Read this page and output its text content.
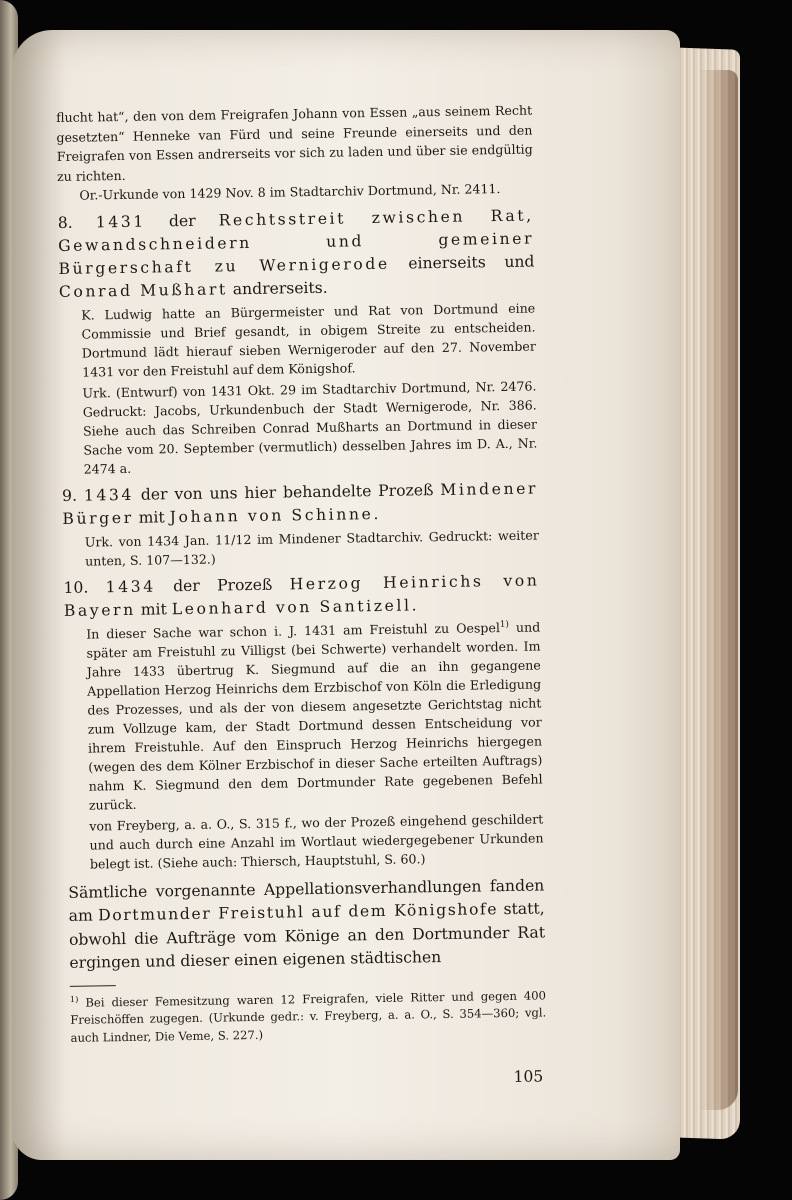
flucht hat“, den von dem Freigrafen Johann von Essen „aus seinem Recht gesetzten“ Henneke van Fürd und seine Freunde einerseits und den Freigrafen von Essen andrerseits vor sich zu laden und über sie endgültig zu richten.

Or.-Urkunde von 1429 Nov. 8 im Stadtarchiv Dortmund, Nr. 2411.

8. 1431 der Rechtsstreit zwischen Rat, Gewandschneidern und gemeiner Bürgerschaft zu Wernigerode einerseits und Conrad Mußhart andrerseits.

K. Ludwig hatte an Bürgermeister und Rat von Dortmund eine Commissie und Brief gesandt, in obigem Streite zu entscheiden. Dortmund lädt hierauf sieben Wernigeroder auf den 27. November 1431 vor den Freistuhl auf dem Königshof.

Urk. (Entwurf) von 1431 Okt. 29 im Stadtarchiv Dortmund, Nr. 2476. Gedruckt: Jacobs, Urkundenbuch der Stadt Wernigerode, Nr. 386. Siehe auch das Schreiben Conrad Mußharts an Dortmund in dieser Sache vom 20. September (vermutlich) desselben Jahres im D. A., Nr. 2474 a.

9. 1434 der von uns hier behandelte Prozeß Mindener Bürger mit Johann von Schinne.

Urk. von 1434 Jan. 11/12 im Mindener Stadtarchiv. Gedruckt: weiter unten, S. 107—132.)

10. 1434 der Prozeß Herzog Heinrichs von Bayern mit Leonhard von Santizell.

In dieser Sache war schon i. J. 1431 am Freistuhl zu Oespel$^{1)}$ und später am Freistuhl zu Villigst (bei Schwerte) verhandelt worden. Im Jahre 1433 übertrug K. Siegmund auf die an ihn gegangene Appellation Herzog Heinrichs dem Erzbischof von Köln die Erledigung des Prozesses, und als der von diesem angesetzte Gerichtstag nicht zum Vollzuge kam, der Stadt Dortmund dessen Entscheidung vor ihrem Freistuhle. Auf den Einspruch Herzog Heinrichs hiergegen (wegen des dem Kölner Erzbischof in dieser Sache erteilten Auftrags) nahm K. Siegmund den dem Dortmunder Rate gegebenen Befehl zurück.

von Freyberg, a. a. O., S. 315 f., wo der Prozeß eingehend geschildert und auch durch eine Anzahl im Wortlaut wiedergegebener Urkunden belegt ist. (Siehe auch: Thiersch, Hauptstuhl, S. 60.)

Sämtliche vorgenannte Appellationsverhandlungen fanden am Dortmunder Freistuhl auf dem Königshofe statt, obwohl die Aufträge vom Könige an den Dortmunder Rat ergingen und dieser einen eigenen städtischen

$^{1)}$ Bei dieser Femesitzung waren 12 Freigrafen, viele Ritter und gegen 400 Freischöffen zugegen. (Urkunde gedr.: v. Freyberg, a. a. O., S. 354—360; vgl. auch Lindner, Die Veme, S. 227.)

105
